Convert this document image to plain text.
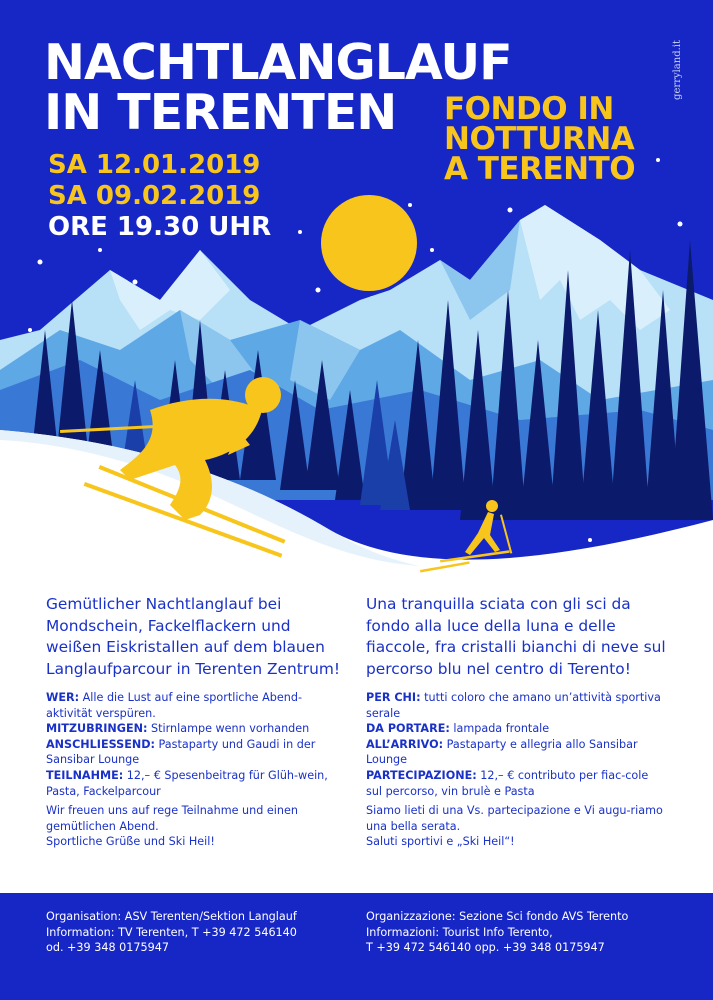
NACHTLANGLAUF
IN TERENTEN	FONDO IN
NOTTURNA
A TERENTO
SA 12.01.2019
SA 09.02.2019
ORE 19.30 UHR
gerryland.it

Gemütlicher Nachtlanglauf bei Mondschein, Fackelflackern und weißen Eiskristallen auf dem blauen Langlaufparcour in Terenten Zentrum!

WER: Alle die Lust auf eine sportliche Abend-aktivität verspüren.

MITZUBRINGEN: Stirnlampe wenn vorhanden

ANSCHLIESSEND: Pastaparty und Gaudi in der Sansibar Lounge

TEILNAHME: 12,– € Spesenbeitrag für Glüh-wein, Pasta, Fackelparcour

Wir freuen uns auf rege Teilnahme und einen gemütlichen Abend.

Sportliche Grüße und Ski Heil!

Una tranquilla sciata con gli sci da fondo alla luce della luna e delle fiaccole, fra cristalli bianchi di neve sul percorso blu nel centro di Terento!

PER CHI: tutti coloro che amano un’attività sportiva serale

DA PORTARE: lampada frontale

ALL’ARRIVO: Pastaparty e allegria allo Sansibar Lounge

PARTECIPAZIONE: 12,– € contributo per fiac-cole sul percorso, vin brulè e Pasta

Siamo lieti di una Vs. partecipazione e Vi augu-riamo una bella serata.

Saluti sportivi e „Ski Heil“!

Organisation: ASV Terenten/Sektion Langlauf
Information: TV Terenten, T +39 472 546140
od. +39 348 0175947
Organizzazione: Sezione Sci fondo AVS Terento
Informazioni: Tourist Info Terento,
T +39 472 546140 opp. +39 348 0175947
